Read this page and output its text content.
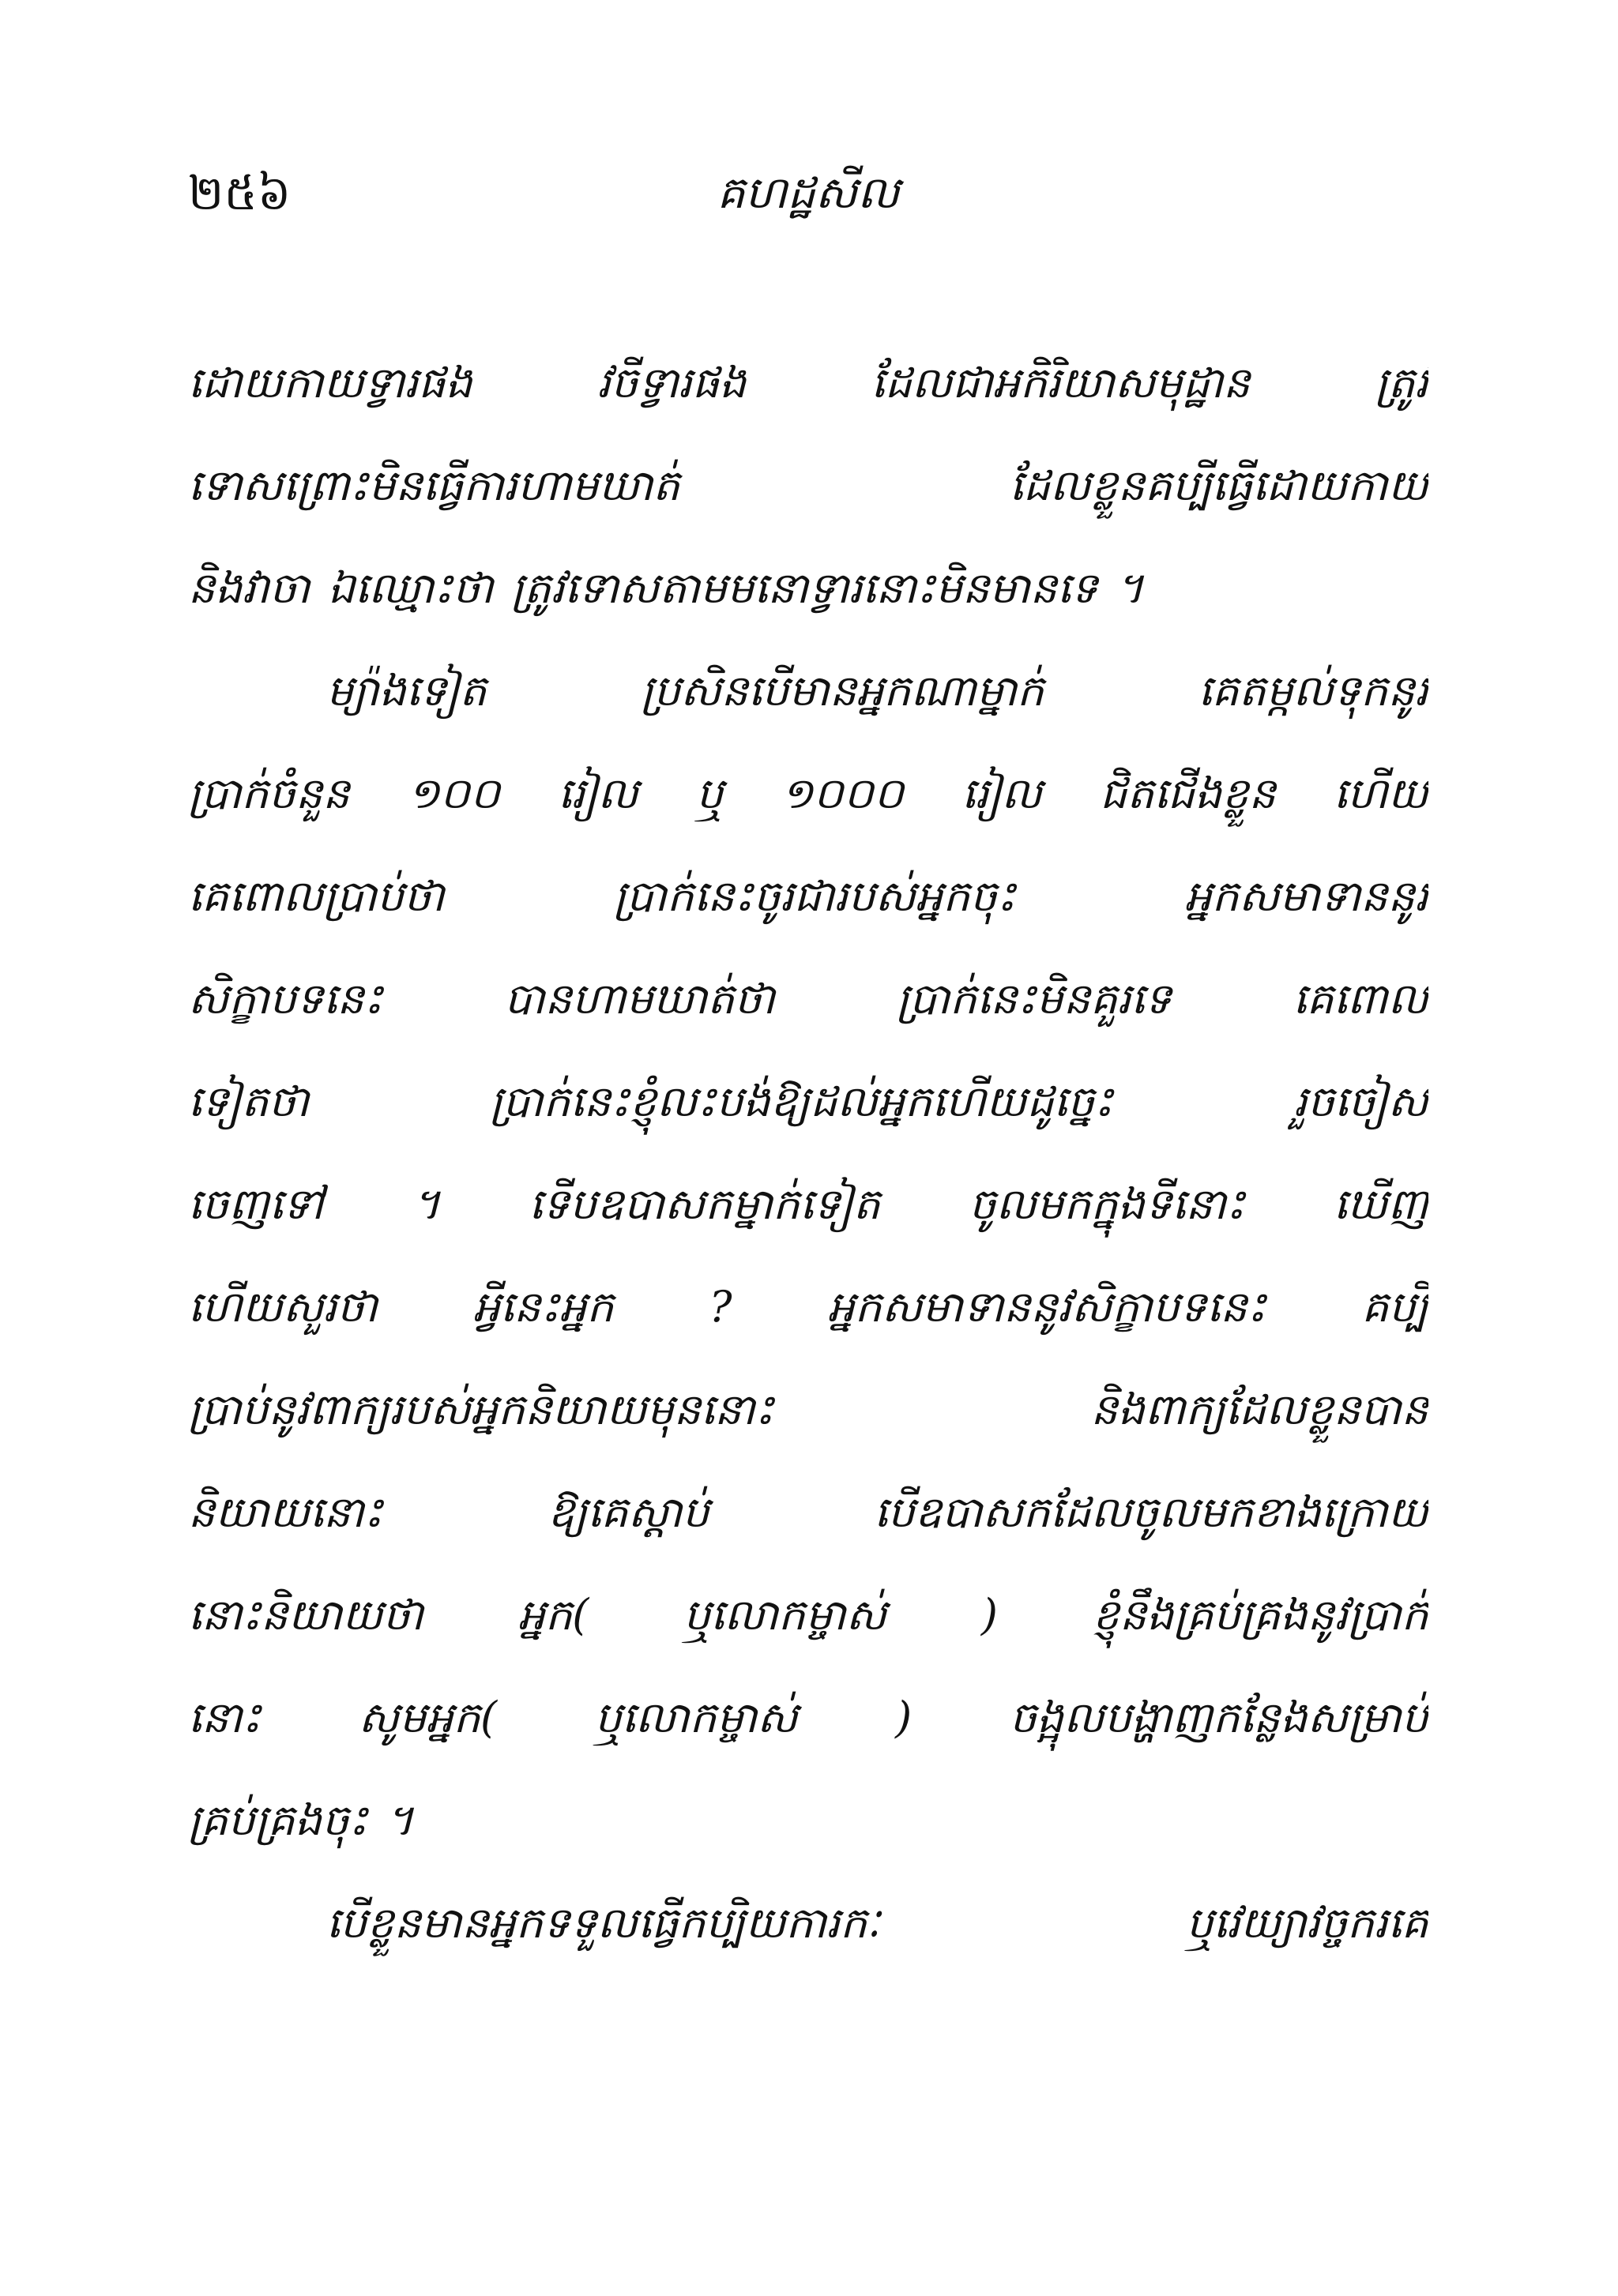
២៥៦	គហដ្ឋសីល
ដោយកាយទ្វារផង វចីទ្វារផង ដែលជាអកិរិយាសមុដ្ឋាន ត្រូវ
ទោសព្រោះមិនធ្វើការហាមឃាត់ ដែលខ្លួនគប្បីធ្វើដោយកាយ
និងវាចា ឯឈ្មោះថា ត្រូវទោសតាមមនោទ្វារនោះមិនមានទេ ។
ម្យ៉ាងទៀត ប្រសិនបើមានអ្នកណាម្នាក់ គេតម្កល់ទុកនូវ
ប្រាក់ចំនួន ១០០ រៀល ឬ ១០០០ រៀល ជិតជើងខ្លួន ហើយ
គេពោលប្រាប់ថា ប្រាក់នេះចូរជារបស់អ្នកចុះ អ្នកសមាទាននូវ
សិក្ខាបទនេះ បានហាមឃាត់ថា ប្រាក់នេះមិនគួរទេ គេពោល
ទៀតថា ប្រាក់នេះខ្ញុំលះបង់ឱ្យដល់អ្នកហើយដូច្នេះ រួចចៀស
ចេញទៅ ។ ទើបឧបាសកម្នាក់ទៀត ចូលមកក្នុងទីនោះ ឃើញ
ហើយសួរថា អ្វីនេះអ្នក ? អ្នកសមាទាននូវសិក្ខាបទនេះ គប្បី
ប្រាប់នូវពាក្យរបស់អ្នកនិយាយមុននោះ និងពាក្យដែលខ្លួនបាន
និយាយនោះ ឱ្យគេស្តាប់ បើឧបាសកដែលចូលមកខាងក្រោយ
នោះនិយាយថា អ្នក( ឬលោកម្ចាស់ ) ខ្ញុំនឹងគ្រប់គ្រងនូវប្រាក់
នោះ សូមអ្នក( ឬលោកម្ចាស់ ) ចង្អុលបង្ហាញកន្លែងសម្រាប់
គ្រប់គ្រងចុះ ។
បើខ្លួនមានអ្នកទទួលធ្វើកប្បិយការកៈ ឬវេយ្យាវច្ចករគេ
